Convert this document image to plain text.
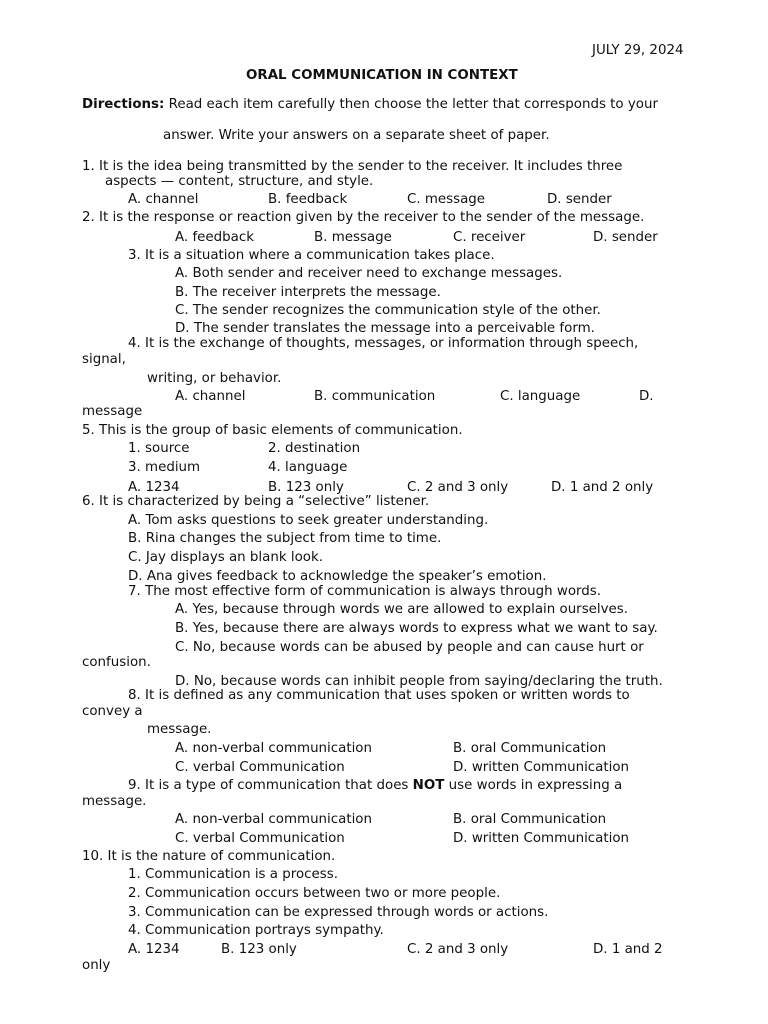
JULY 29, 2024
ORAL COMMUNICATION IN CONTEXT
Directions: Read each item carefully then choose the letter that corresponds to your
answer. Write your answers on a separate sheet of paper.
1. It is the idea being transmitted by the sender to the receiver. It includes three
aspects — content, structure, and style.
A. channel	B. feedback	C. message	D. sender
2. It is the response or reaction given by the receiver to the sender of the message.
A. feedback	B. message	C. receiver	D. sender
3. It is a situation where a communication takes place.
A. Both sender and receiver need to exchange messages.
B. The receiver interprets the message.
C. The sender recognizes the communication style of the other.
D. The sender translates the message into a perceivable form.
4. It is the exchange of thoughts, messages, or information through speech,
signal,
writing, or behavior.
A. channel	B. communication	C. language	D.
message
5. This is the group of basic elements of communication.
1. source	2. destination
3. medium	4. language
A. 1234	B. 123 only	C. 2 and 3 only	D. 1 and 2 only
6. It is characterized by being a “selective” listener.
A. Tom asks questions to seek greater understanding.
B. Rina changes the subject from time to time.
C. Jay displays an blank look.
D. Ana gives feedback to acknowledge the speaker’s emotion.
7. The most effective form of communication is always through words.
A. Yes, because through words we are allowed to explain ourselves.
B. Yes, because there are always words to express what we want to say.
C. No, because words can be abused by people and can cause hurt or
confusion.
D. No, because words can inhibit people from saying/declaring the truth.
8. It is defined as any communication that uses spoken or written words to
convey a
message.
A. non-verbal communication	B. oral Communication
C. verbal Communication	D. written Communication
9. It is a type of communication that does NOT use words in expressing a
message.
A. non-verbal communication	B. oral Communication
C. verbal Communication	D. written Communication
10. It is the nature of communication.
1. Communication is a process.
2. Communication occurs between two or more people.
3. Communication can be expressed through words or actions.
4. Communication portrays sympathy.
A. 1234	B. 123 only	C. 2 and 3 only	D. 1 and 2
only
